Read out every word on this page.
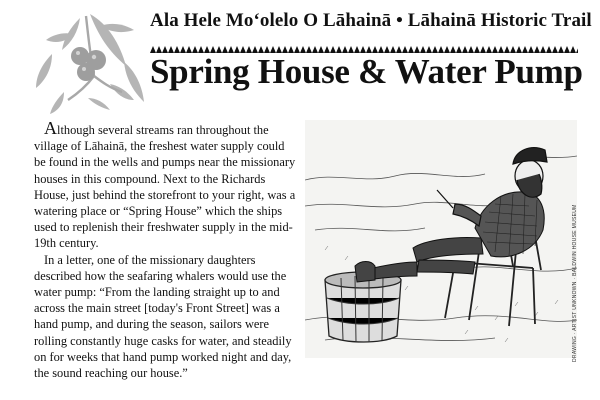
Ala Hele Moʻolelo O Lāhainā • Lāhainā Historic Trail
Spring House & Water Pump

Although several streams ran throughout the village of Lāhainā, the freshest water supply could be found in the wells and pumps near the missionary houses in this compound. Next to the Richards House, just behind the storefront to your right, was a watering place or “Spring House” which the ships used to replenish their freshwater supply in the mid-19th century.

In a letter, one of the missionary daughters described how the seafaring whalers would use the water pump: “From the landing straight up to and across the main street [today's Front Street] was a hand pump, and during the season, sailors were rolling constantly huge casks for water, and steadily on for weeks that hand pump worked night and day, the sound reaching our house.”

DRAWING · ARTIST UNKNOWN · BALDWIN HOUSE MUSEUM
